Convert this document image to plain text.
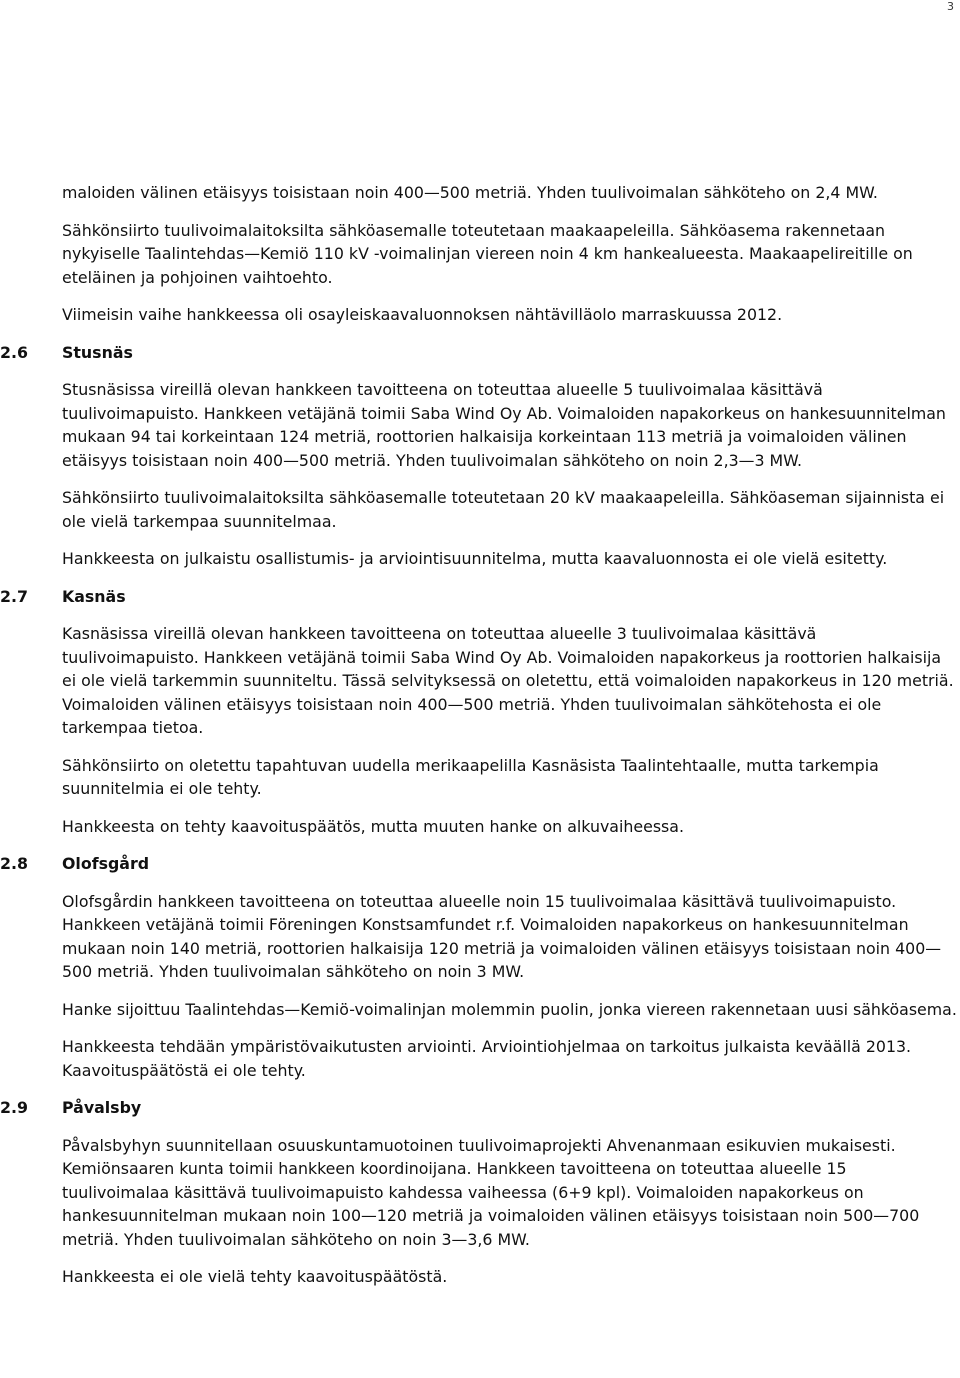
3

maloiden välinen etäisyys toisistaan noin 400—500 metriä. Yhden tuulivoimalan sähköteho on 2,4 MW.

Sähkönsiirto tuulivoimalaitoksilta sähköasemalle toteutetaan maakaapeleilla. Sähköasema rakennetaan nykyiselle Taalintehdas—Kemiö 110 kV -voimalinjan viereen noin 4 km hankealueesta. Maakaapelireitille on eteläinen ja pohjoinen vaihtoehto.

Viimeisin vaihe hankkeessa oli osayleiskaavaluonnoksen nähtävilläolo marraskuussa 2012.

2.6	Stusnäs

Stusnäsissa vireillä olevan hankkeen tavoitteena on toteuttaa alueelle 5 tuulivoimalaa käsittävä tuulivoimapuisto. Hankkeen vetäjänä toimii Saba Wind Oy Ab. Voimaloiden napakorkeus on hankesuunnitelman mukaan 94 tai korkeintaan 124 metriä, roottorien halkaisija korkeintaan 113 metriä ja voimaloiden välinen etäisyys toisistaan noin 400—500 metriä. Yhden tuulivoimalan sähköteho on noin 2,3—3 MW.

Sähkönsiirto tuulivoimalaitoksilta sähköasemalle toteutetaan 20 kV maakaapeleilla. Sähköaseman sijainnista ei ole vielä tarkempaa suunnitelmaa.

Hankkeesta on julkaistu osallistumis- ja arviointisuunnitelma, mutta kaavaluonnosta ei ole vielä esitetty.

2.7	Kasnäs

Kasnäsissa vireillä olevan hankkeen tavoitteena on toteuttaa alueelle 3 tuulivoimalaa käsittävä tuulivoimapuisto. Hankkeen vetäjänä toimii Saba Wind Oy Ab. Voimaloiden napakorkeus ja roottorien halkaisija ei ole vielä tarkemmin suunniteltu. Tässä selvityksessä on oletettu, että voimaloiden napakorkeus in 120 metriä. Voimaloiden välinen etäisyys toisistaan noin 400—500 metriä. Yhden tuulivoimalan sähkötehosta ei ole tarkempaa tietoa.

Sähkönsiirto on oletettu tapahtuvan uudella merikaapelilla Kasnäsista Taalintehtaalle, mutta tarkempia suunnitelmia ei ole tehty.

Hankkeesta on tehty kaavoituspäätös, mutta muuten hanke on alkuvaiheessa.

2.8	Olofsgård

Olofsgårdin hankkeen tavoitteena on toteuttaa alueelle noin 15 tuulivoimalaa käsittävä tuulivoimapuisto. Hankkeen vetäjänä toimii Föreningen Konstsamfundet r.f. Voimaloiden napakorkeus on hankesuunnitelman mukaan noin 140 metriä, roottorien halkaisija 120 metriä ja voimaloiden välinen etäisyys toisistaan noin 400—500 metriä. Yhden tuulivoimalan sähköteho on noin 3 MW.

Hanke sijoittuu Taalintehdas—Kemiö-voimalinjan molemmin puolin, jonka viereen rakennetaan uusi sähköasema.

Hankkeesta tehdään ympäristövaikutusten arviointi. Arviointiohjelmaa on tarkoitus julkaista keväällä 2013. Kaavoituspäätöstä ei ole tehty.

2.9	Påvalsby

Påvalsbyhyn suunnitellaan osuuskuntamuotoinen tuulivoimaprojekti Ahvenanmaan esikuvien mukaisesti. Kemiönsaaren kunta toimii hankkeen koordinoijana. Hankkeen tavoitteena on toteuttaa alueelle 15 tuulivoimalaa käsittävä tuulivoimapuisto kahdessa vaiheessa (6+9 kpl). Voimaloiden napakorkeus on hankesuunnitelman mukaan noin 100—120 metriä ja voimaloiden välinen etäisyys toisistaan noin 500—700 metriä. Yhden tuulivoimalan sähköteho on noin 3—3,6 MW.

Hankkeesta ei ole vielä tehty kaavoituspäätöstä.
